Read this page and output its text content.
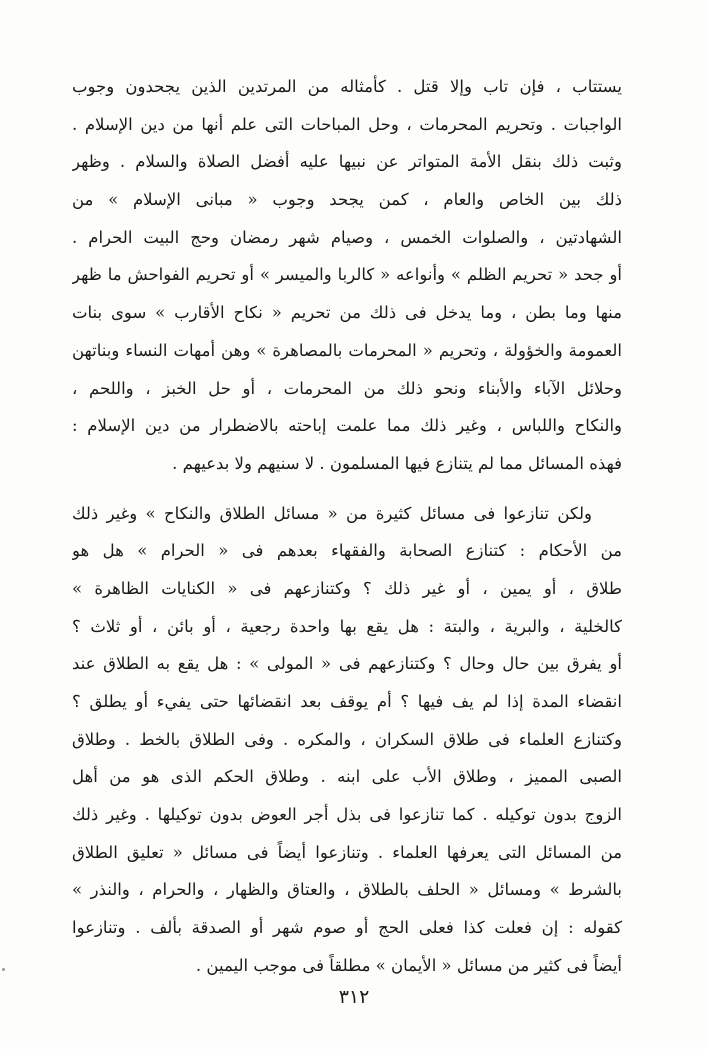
يستتاب ، فإن تاب وإلا قتل . كأمثاله من المرتدين الذين يجحدون وجوب
الواجبات . وتحريم المحرمات ، وحل المباحات التى علم أنها من دين الإسلام .
وثبت ذلك بنقل الأمة المتواتر عن نبيها عليه أفضل الصلاة والسلام . وظهر
ذلك بين الخاص والعام ، كمن يجحد وجوب « مبانى الإسلام » من
الشهادتين ، والصلوات الخمس ، وصيام شهر رمضان وحج البيت الحرام .
أو جحد « تحريم الظلم » وأنواعه « كالربا والميسر » أو تحريم الفواحش ما ظهر
منها وما بطن ، وما يدخل فى ذلك من تحريم « نكاح الأقارب » سوى بنات
العمومة والخؤولة ، وتحريم « المحرمات بالمصاهرة » وهن أمهات النساء وبناتهن
وحلائل الآباء والأبناء ونحو ذلك من المحرمات ، أو حل الخبز ، واللحم ،
والنكاح واللباس ، وغير ذلك مما علمت إباحته بالاضطرار من دين الإسلام :
فهذه المسائل مما لم يتنازع فيها المسلمون . لا سنيهم ولا بدعيهم .
ولكن تنازعوا فى مسائل كثيرة من « مسائل الطلاق والنكاح » وغير ذلك
من الأحكام : كتنازع الصحابة والفقهاء بعدهم فى « الحرام » هل هو
طلاق ، أو يمين ، أو غير ذلك ؟ وكتنازعهم فى « الكنايات الظاهرة »
كالخلية ، والبرية ، والبتة : هل يقع بها واحدة رجعية ، أو بائن ، أو ثلاث ؟
أو يفرق بين حال وحال ؟ وكتنازعهم فى « المولى » : هل يقع به الطلاق عند
انقضاء المدة إذا لم يف فيها ؟ أم يوقف بعد انقضائها حتى يفيء أو يطلق ؟
وكتنازع العلماء فى طلاق السكران ، والمكره . وفى الطلاق بالخط . وطلاق
الصبى المميز ، وطلاق الأب على ابنه . وطلاق الحكم الذى هو من أهل
الزوج بدون توكيله . كما تنازعوا فى بذل أجر العوض بدون توكيلها . وغير ذلك
من المسائل التى يعرفها العلماء . وتنازعوا أيضاً فى مسائل « تعليق الطلاق
بالشرط » ومسائل « الحلف بالطلاق ، والعتاق والظهار ، والحرام ، والنذر »
كقوله : إن فعلت كذا فعلى الحج أو صوم شهر أو الصدقة بألف . وتنازعوا
أيضاً فى كثير من مسائل « الأيمان » مطلقاً فى موجب اليمين .
٣١٢
